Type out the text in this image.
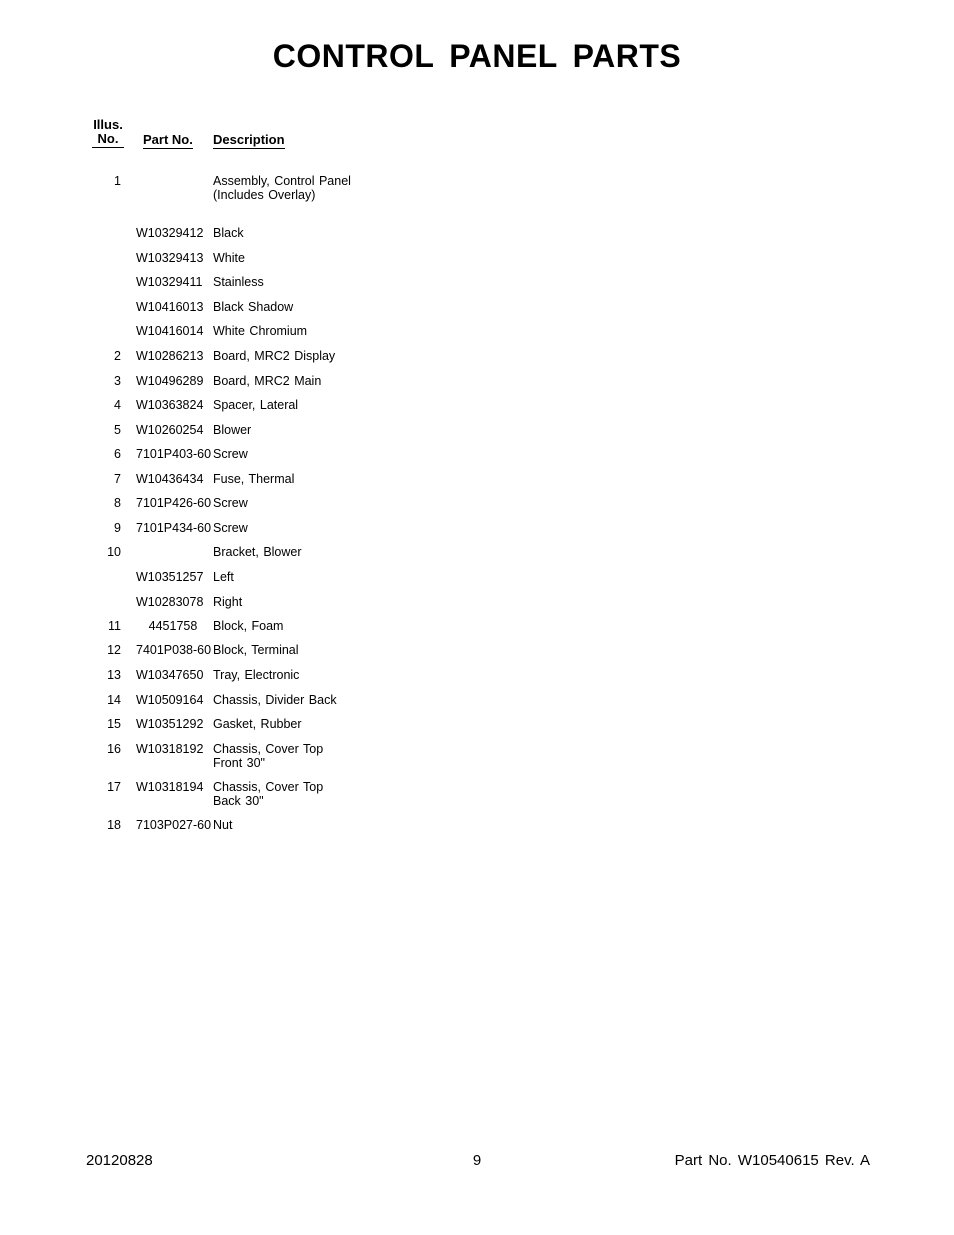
CONTROL PANEL PARTS
Illus.
No.	Part No. Description
1	Assembly, Control Panel (Includes Overlay)
W10329412 Black
W10329413 White
W10329411 Stainless
W10416013 Black Shadow
W10416014 White Chromium
2 W10286213 Board, MRC2 Display
3 W10496289 Board, MRC2 Main
4 W10363824 Spacer, Lateral
5 W10260254 Blower
6 7101P403-60 Screw
7 W10436434 Fuse, Thermal
8 7101P426-60 Screw
9 7101P434-60 Screw
10	Bracket, Blower
W10351257 Left
W10283078 Right
11	4451758	Block, Foam
12 7401P038-60 Block, Terminal
13 W10347650 Tray, Electronic
14 W10509164 Chassis, Divider Back
15 W10351292 Gasket, Rubber
16 W10318192 Chassis, Cover Top Front 30"
17 W10318194 Chassis, Cover Top Back 30"
18 7103P027-60 Nut
20120828	9	Part No. W10540615 Rev. A
